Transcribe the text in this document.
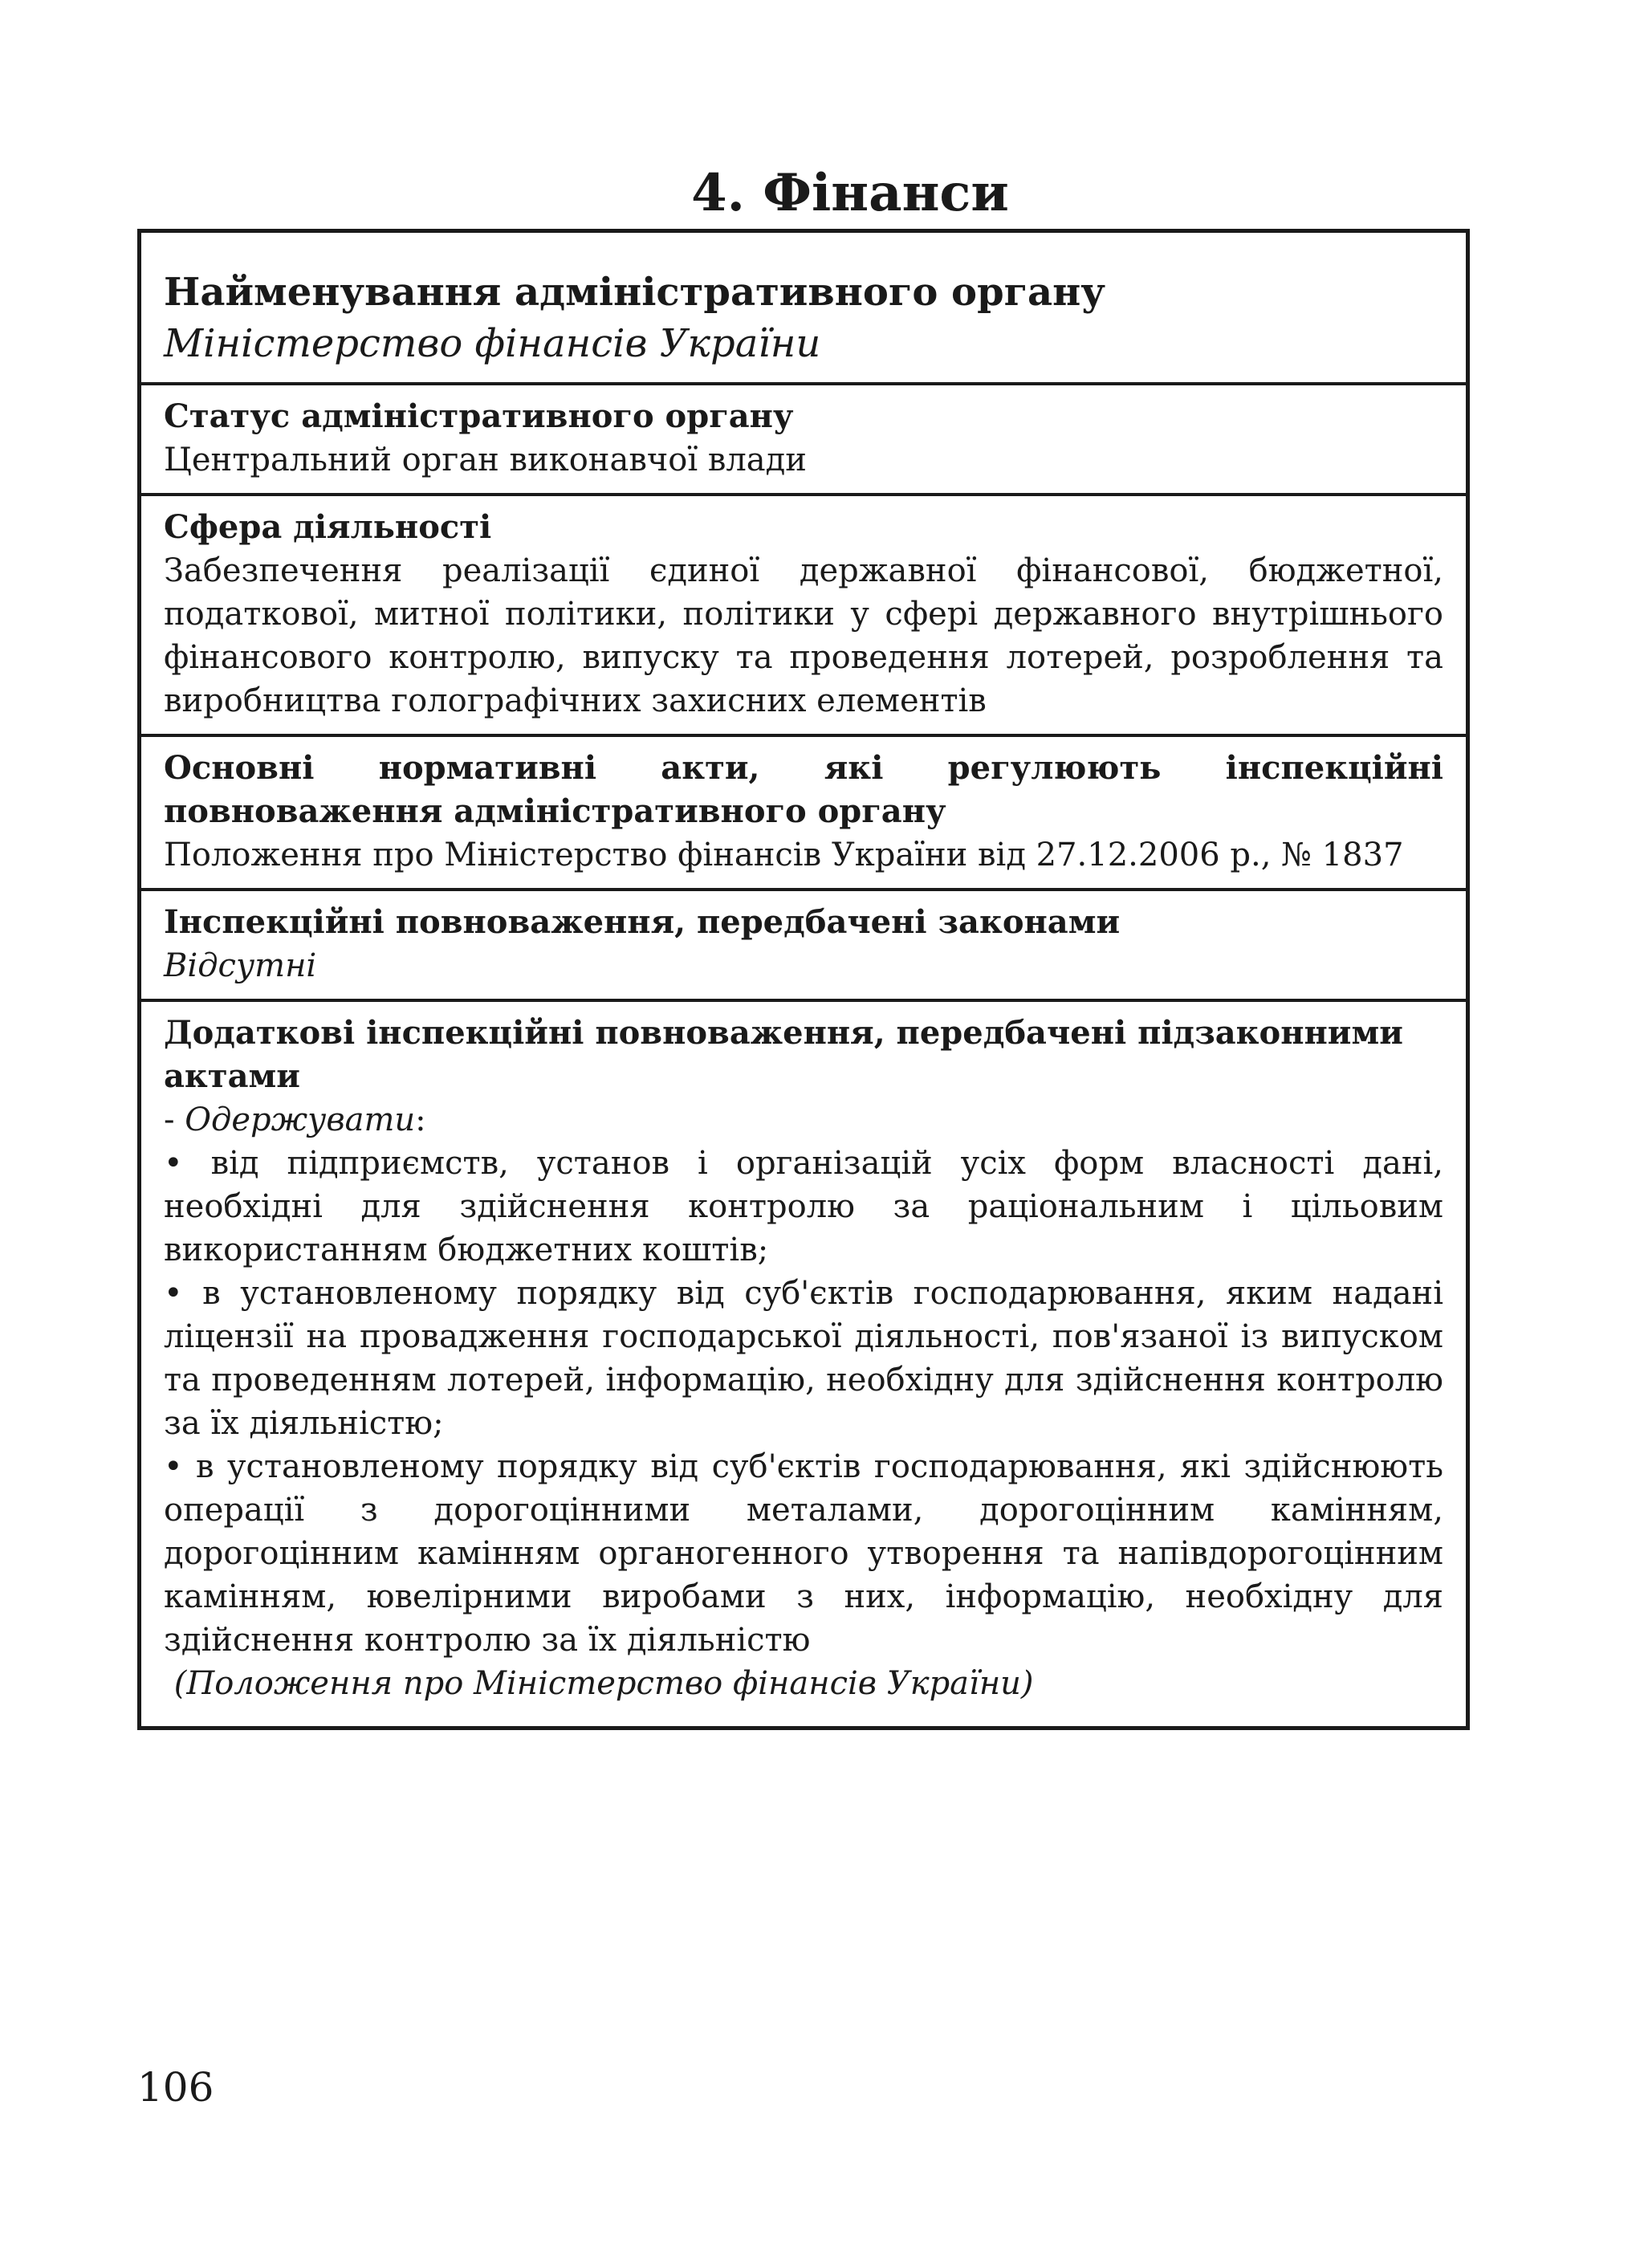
4. Фінанси

Найменування адміністративного органу

Міністерство фінансів України

Статус адміністративного органу

Центральний орган виконавчої влади

Сфера діяльності

Забезпечення реалізації єдиної державної фінансової, бюджетної, податкової, митної політики, політики у сфері державного внутрішнього фінансового контролю, випуску та проведення лотерей, розроблення та виробництва голографічних захисних елементів

Основні нормативні акти, які регулюють інспекційні повноваження адміністративного органу

Положення про Міністерство фінансів України від 27.12.2006 р., № 1837

Інспекційні повноваження, передбачені законами

Відсутні

Додаткові інспекційні повноваження, передбачені підзаконними актами

- Одержувати:

• від підприємств, установ і організацій усіх форм власності дані, необхідні для здійснення контролю за раціональним і цільовим використанням бюджетних коштів;

• в установленому порядку від суб'єктів господарювання, яким надані ліцензії на провадження господарської діяльності, пов'язаної із випуском та проведенням лотерей, інформацію, необхідну для здійснення контролю за їх діяльністю;

• в установленому порядку від суб'єктів господарювання, які здійснюють операції з дорогоцінними металами, дорогоцінним камінням, дорогоцінним камінням органогенного утворення та напівдорогоцінним камінням, ювелірними виробами з них, інформацію, необхідну для здійснення контролю за їх діяльністю

(Положення про Міністерство фінансів України)

106
